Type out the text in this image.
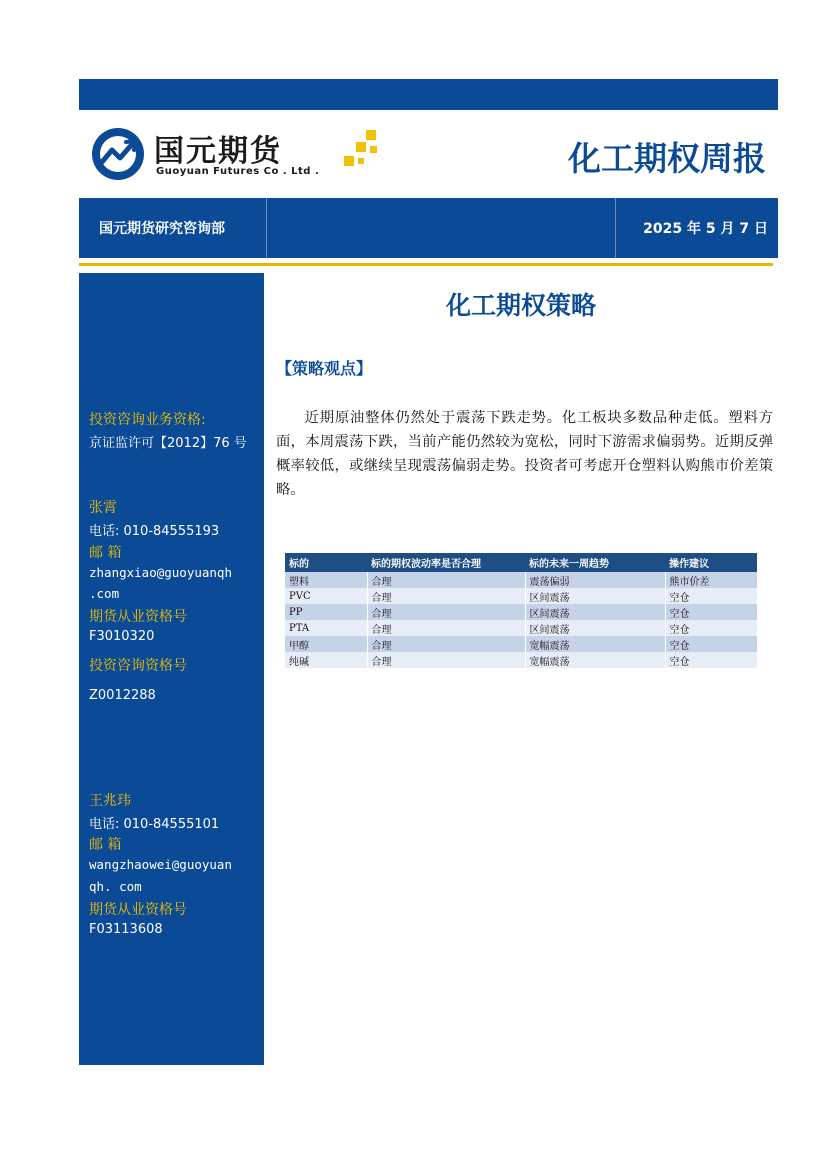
国元期货
Guoyuan Futures Co . Ltd .	化工期权周报
国元期货研究咨询部	2025 年 5 月 7 日
投资咨询业务资格:
京证监许可【2012】76 号
张霄
电话: 010-84555193
邮 箱
zhangxiao@guoyuanqh
.com
期货从业资格号
F3010320
投资咨询资格号
Z0012288
王兆玮
电话: 010-84555101
邮 箱
wangzhaowei@guoyuan
qh. com
期货从业资格号
F03113608
化工期权策略
【策略观点】

近期原油整体仍然处于震荡下跌走势。化工板块多数品种走低。塑料方面，本周震荡下跌，当前产能仍然较为宽松，同时下游需求偏弱势。近期反弹概率较低，或继续呈现震荡偏弱走势。投资者可考虑开仓塑料认购熊市价差策略。

标的	标的期权波动率是否合理	标的未来一周趋势	操作建议
塑料	合理	震荡偏弱	熊市价差
PVC	合理	区间震荡	空仓
PP	合理	区间震荡	空仓
PTA	合理	区间震荡	空仓
甲醇	合理	宽幅震荡	空仓
纯碱	合理	宽幅震荡	空仓
